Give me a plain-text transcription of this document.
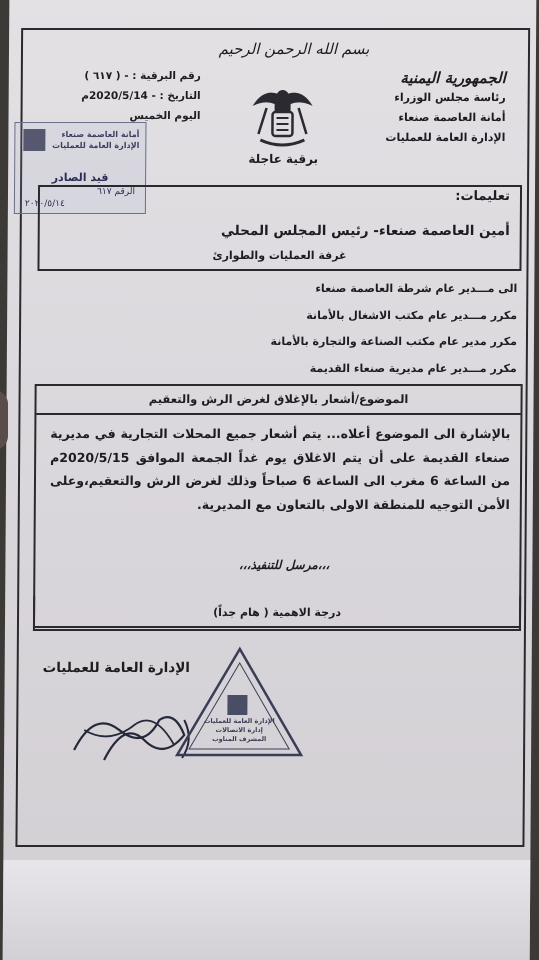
الجمهورية اليمنية
رئاسة مجلس الوزراء
أمانة العاصمة صنعاء
الإدارة العامة للعمليات
بسم الله الرحمن الرحيم
برقية عاجلة
رقم البرقية : - ( ٦١٧ )
التاريخ : - 2020/5/14م
اليوم الخميس
أمانة العاصمة صنعاء
الإدارة العامة للعمليات
قيد الصادر
الرقم ٦١٧
٢٠٢٠/٥/١٤	تعليمات:
أمين العاصمة صنعاء- رئيس المجلس المحلي
غرفة العمليات والطوارئ
الى مـــدير عام شرطة العاصمة صنعاء
مكرر مـــدير عام مكتب الاشغال بالأمانة
مكرر مدير عام مكتب الصناعة والتجارة بالأمانة
مكرر مـــدير عام مديرية صنعاء القديمة
الموضوع/أشعار بالإغلاق لغرض الرش والتعقيم
بالإشارة الى الموضوع أعلاه... يتم أشعار جميع المحلات التجارية في مديرية صنعاء القديمة على أن يتم الاغلاق يوم غداً الجمعة الموافق 2020/5/15م من الساعة 6 مغرب الى الساعة 6 صباحاً وذلك لغرض الرش والتعقيم،وعلى الأمن التوجيه للمنطقة الاولى بالتعاون مع المديرية.
،،،مرسل للتنفيذ،،،
درجة الاهمية ( هام جداً)
الإدارة العامة للعمليات
الإدارة العامة للعمليات
إدارة الاتصالات
المشرف المناوب
